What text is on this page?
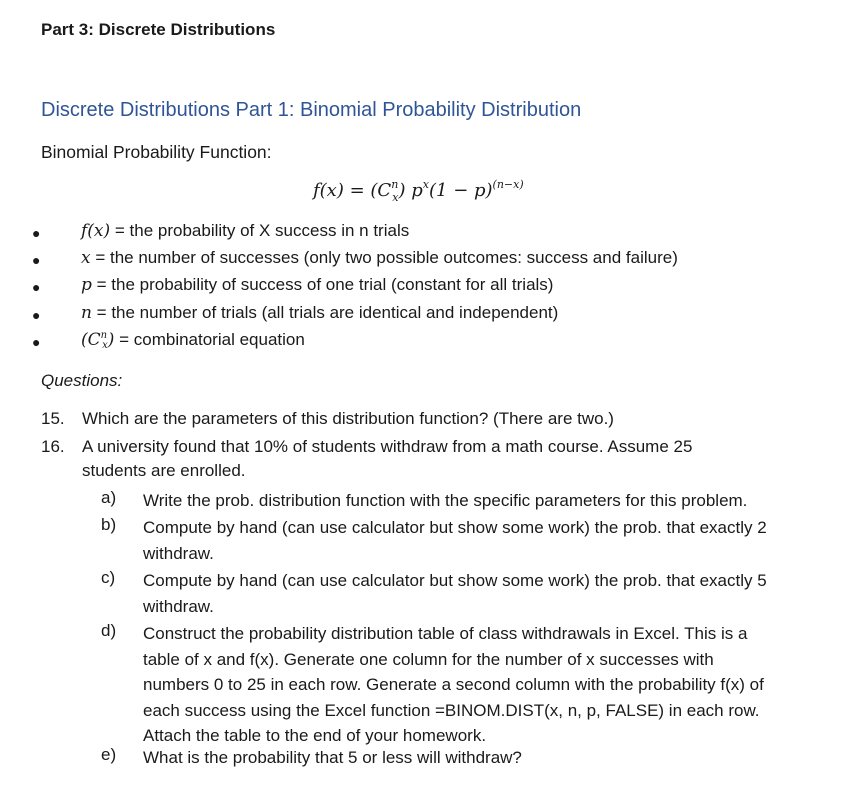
Part 3: Discrete Distributions
Discrete Distributions Part 1: Binomial Probability Distribution
Binomial Probability Function:
$f(x) = (C^n_x) p^x(1 - p)^{(n-x)}$
● f(x) = the probability of X success in n trials
● x = the number of successes (only two possible outcomes: success and failure)
● p = the probability of success of one trial (constant for all trials)
● n = the number of trials (all trials are identical and independent)
● $(C^n_x)$ = combinatorial equation
Questions:
15. Which are the parameters of this distribution function? (There are two.)
16. A university found that 10% of students withdraw from a math course. Assume 25
students are enrolled.
a) Write the prob. distribution function with the specific parameters for this problem.
b) Compute by hand (can use calculator but show some work) the prob. that exactly 2
withdraw.
c) Compute by hand (can use calculator but show some work) the prob. that exactly 5
withdraw.
d) Construct the probability distribution table of class withdrawals in Excel. This is a
table of x and f(x). Generate one column for the number of x successes with
numbers 0 to 25 in each row. Generate a second column with the probability f(x) of
each success using the Excel function =BINOM.DIST(x, n, p, FALSE) in each row.
Attach the table to the end of your homework.
e) What is the probability that 5 or less will withdraw?
